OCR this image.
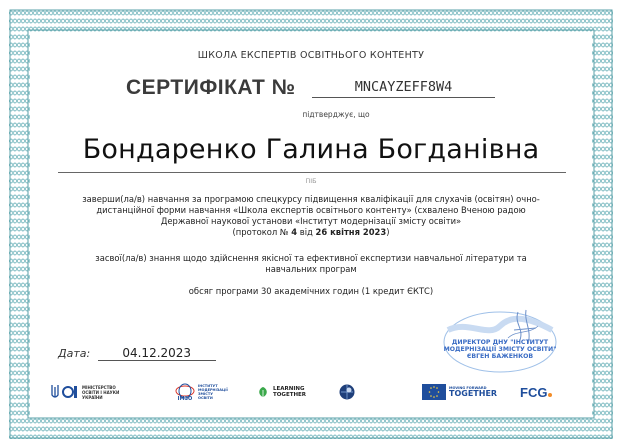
ШКОЛА ЕКСПЕРТІВ ОСВІТНЬОГО КОНТЕНТУ
СЕРТИФІКАТ №	MNCAYZEFF8W4
підтверджує, що
Бондаренко Галина Богданівна
ПІБ
заверши(ла/в) навчання за програмою спецкурсу підвищення кваліфікації для слухачів (освітян) очно-
дистанційної форми навчання «Школа експертів освітнього контенту» (схвалено Вченою радою
Державної наукової установи «Інститут модернізації змісту освіти»
(протокол № 4 від 26 квітня 2023)
засвої(ла/в) знання щодо здійснення якісної та ефективної експертизи навчальної літератури та
навчальних програм
обсяг програми 30 академічних годин (1 кредит ЄКТС)
Дата:	04.12.2023
ДИРЕКТОР ДНУ "ІНСТИТУТ
МОДЕРНІЗАЦІЇ ЗМІСТУ ОСВІТИ"
ЄВГЕН БАЖЕНКОВ
МІНІСТЕРСТВО
ОСВІТИ І НАУКИ
УКРАЇНИ	ІМЗО
ІНСТИТУТ
МОДЕРНІЗАЦІЇ
ЗМІСТУ
ОСВІТИ
LEARNING
TOGETHER
MOVING FORWARD
TOGETHER FCG
